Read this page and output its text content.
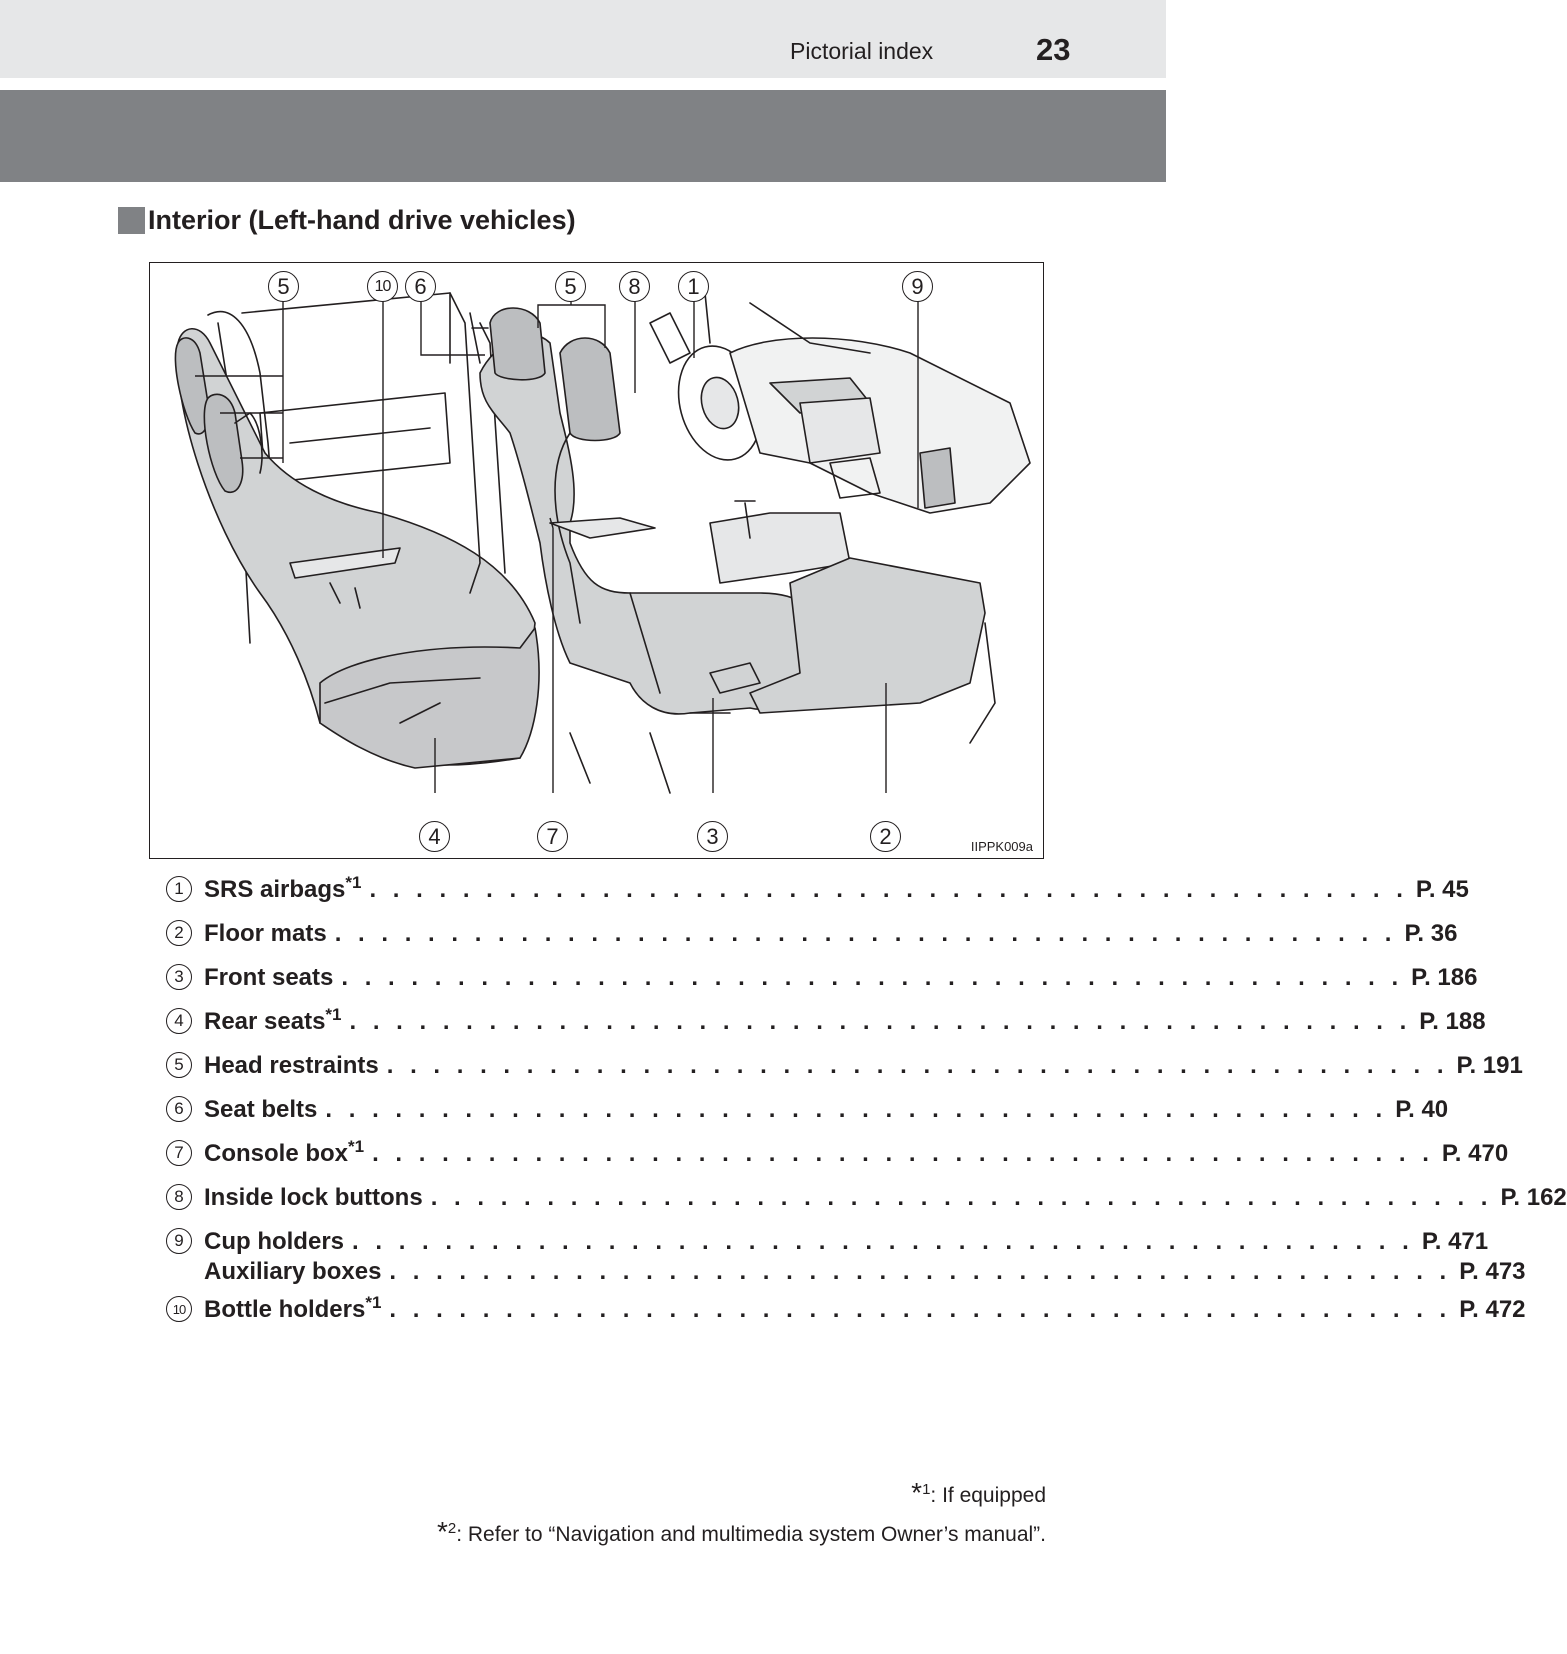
Pictorial index	23
Interior (Left-hand drive vehicles)
5	10	6	5	8	1	9
4	7	3	2	IIPPK009a
1 SRS airbags$^{*1}$ . . . . . . . . . . . . . . . . . . . . . . . . . . . . . . . . . . . . . . . . . . . . . P. 45
2 Floor mats . . . . . . . . . . . . . . . . . . . . . . . . . . . . . . . . . . . . . . . . . . . . . . P. 36
3 Front seats . . . . . . . . . . . . . . . . . . . . . . . . . . . . . . . . . . . . . . . . . . . . . . P. 186
4 Rear seats$^{*1}$ . . . . . . . . . . . . . . . . . . . . . . . . . . . . . . . . . . . . . . . . . . . . . . P. 188
5 Head restraints . . . . . . . . . . . . . . . . . . . . . . . . . . . . . . . . . . . . . . . . . . . . . . P. 191
6 Seat belts . . . . . . . . . . . . . . . . . . . . . . . . . . . . . . . . . . . . . . . . . . . . . . P. 40
7 Console box$^{*1}$ . . . . . . . . . . . . . . . . . . . . . . . . . . . . . . . . . . . . . . . . . . . . . . P. 470
8 Inside lock buttons . . . . . . . . . . . . . . . . . . . . . . . . . . . . . . . . . . . . . . . . . . . . . . P. 162
9 Cup holders . . . . . . . . . . . . . . . . . . . . . . . . . . . . . . . . . . . . . . . . . . . . . . P. 471
Auxiliary boxes . . . . . . . . . . . . . . . . . . . . . . . . . . . . . . . . . . . . . . . . . . . . . . P. 473
10 Bottle holders$^{*1}$ . . . . . . . . . . . . . . . . . . . . . . . . . . . . . . . . . . . . . . . . . . . . . . P. 472
*$^1$: If equipped
*$^2$: Refer to “Navigation and multimedia system Owner’s manual”.
